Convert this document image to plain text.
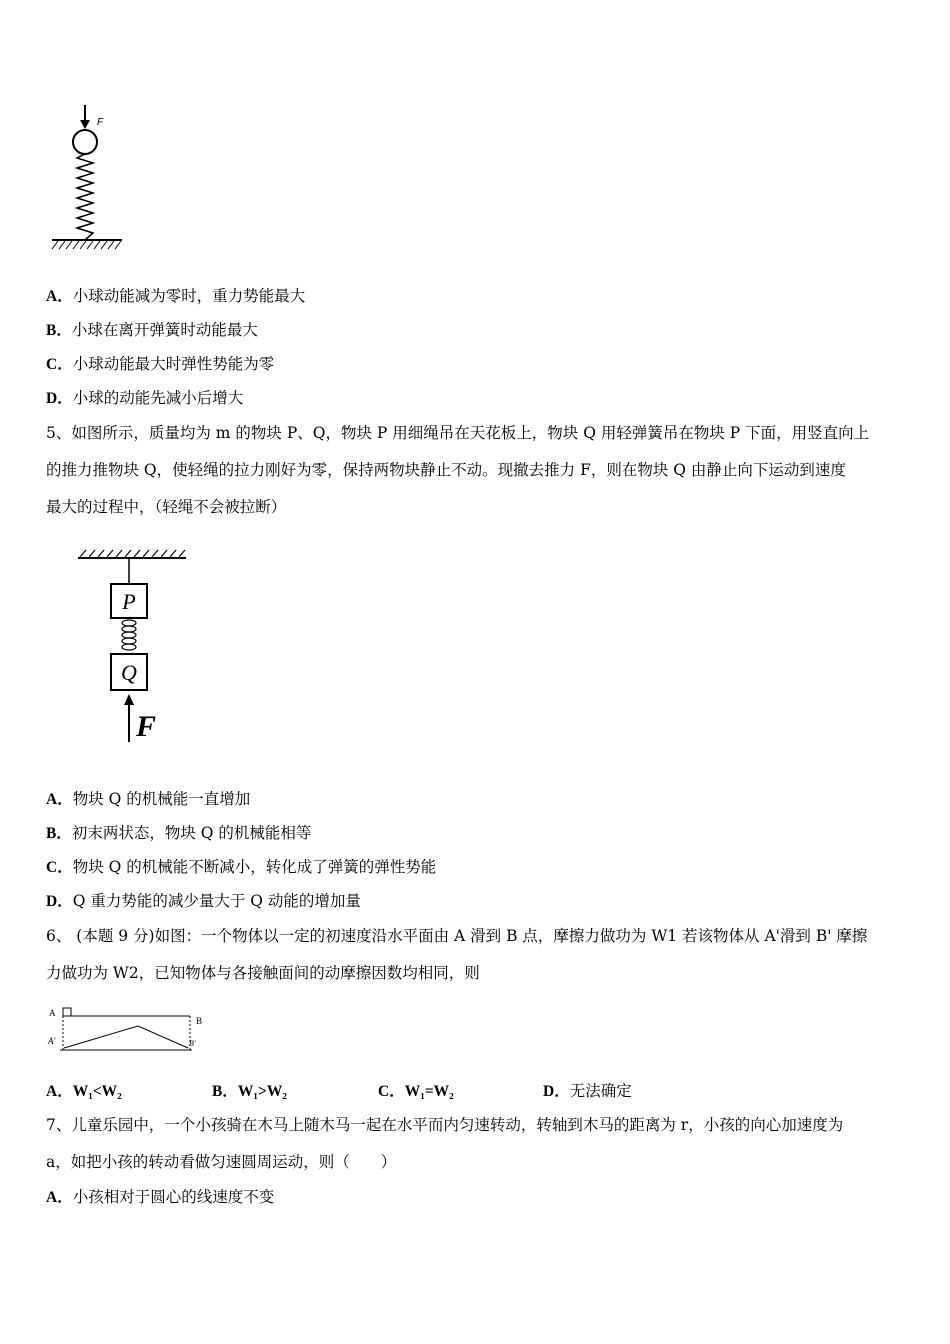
F
A．小球动能减为零时，重力势能最大
B．小球在离开弹簧时动能最大
C．小球动能最大时弹性势能为零
D．小球的动能先减小后增大
5、如图所示，质量均为 m 的物块 P、Q，物块 P 用细绳吊在天花板上，物块 Q 用轻弹簧吊在物块 P 下面，用竖直向上
的推力推物块 Q，使轻绳的拉力刚好为零，保持两物块静止不动。现撤去推力 F，则在物块 Q 由静止向下运动到速度
最大的过程中，（轻绳不会被拉断）
P
Q
F
A．物块 Q 的机械能一直增加
B．初末两状态，物块 Q 的机械能相等
C．物块 Q 的机械能不断减小，转化成了弹簧的弹性势能
D．Q 重力势能的减少量大于 Q 动能的增加量
6、 (本题 9 分)如图：一个物体以一定的初速度沿水平面由 A 滑到 B 点，摩擦力做功为 W1 若该物体从 A'滑到 B' 摩擦
力做功为 W2，已知物体与各接触面间的动摩擦因数均相同，则
A
B
A'	B'
A．W₁<W₂	B．W₁>W₂	C．W₁=W₂	D．无法确定
7、儿童乐园中，一个小孩骑在木马上随木马一起在水平而内匀速转动，转轴到木马的距离为 r，小孩的向心加速度为
a，如把小孩的转动看做匀速圆周运动，则（　　）
A．小孩相对于圆心的线速度不变
